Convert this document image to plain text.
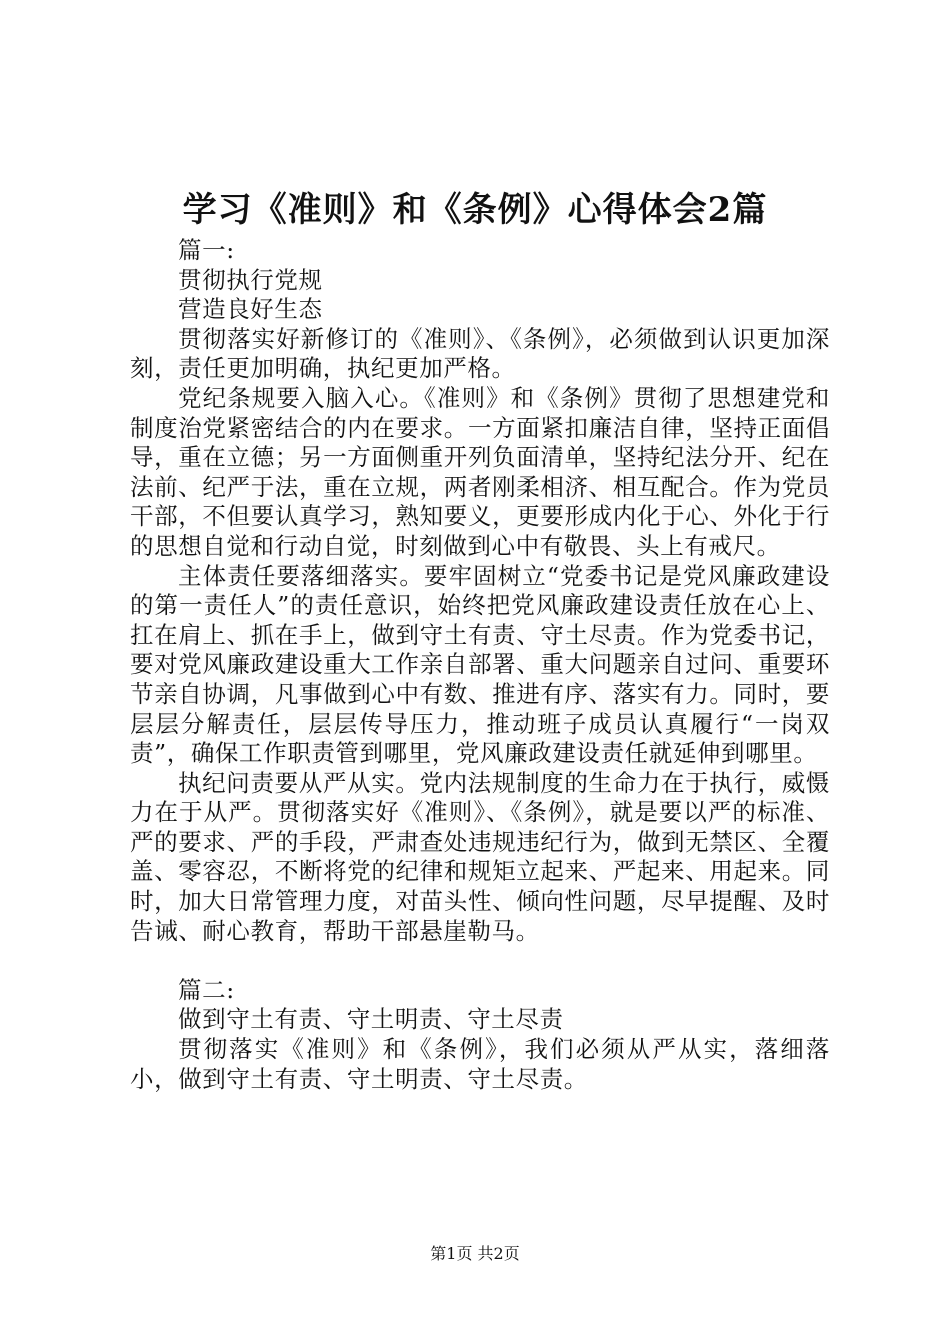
学习《准则》和《条例》心得体会2篇

篇一:

贯彻执行党规

营造良好生态

贯彻落实好新修订的《准则》、《条例》，必须做到认识更加深刻，责任更加明确，执纪更加严格。

党纪条规要入脑入心。《准则》和《条例》贯彻了思想建党和制度治党紧密结合的内在要求。一方面紧扣廉洁自律，坚持正面倡导，重在立德；另一方面侧重开列负面清单，坚持纪法分开、纪在法前、纪严于法，重在立规，两者刚柔相济、相互配合。作为党员干部，不但要认真学习，熟知要义，更要形成内化于心、外化于行的思想自觉和行动自觉，时刻做到心中有敬畏、头上有戒尺。

主体责任要落细落实。要牢固树立“党委书记是党风廉政建设的第一责任人”的责任意识，始终把党风廉政建设责任放在心上、扛在肩上、抓在手上，做到守土有责、守土尽责。作为党委书记，要对党风廉政建设重大工作亲自部署、重大问题亲自过问、重要环节亲自协调，凡事做到心中有数、推进有序、落实有力。同时，要层层分解责任，层层传导压力，推动班子成员认真履行“一岗双责”，确保工作职责管到哪里，党风廉政建设责任就延伸到哪里。

执纪问责要从严从实。党内法规制度的生命力在于执行，威慑力在于从严。贯彻落实好《准则》、《条例》，就是要以严的标准、严的要求、严的手段，严肃查处违规违纪行为，做到无禁区、全覆盖、零容忍，不断将党的纪律和规矩立起来、严起来、用起来。同时，加大日常管理力度，对苗头性、倾向性问题，尽早提醒、及时告诫、耐心教育，帮助干部悬崖勒马。

篇二:

做到守土有责、守土明责、守土尽责

贯彻落实《准则》和《条例》，我们必须从严从实，落细落小，做到守土有责、守土明责、守土尽责。

第1页 共2页
